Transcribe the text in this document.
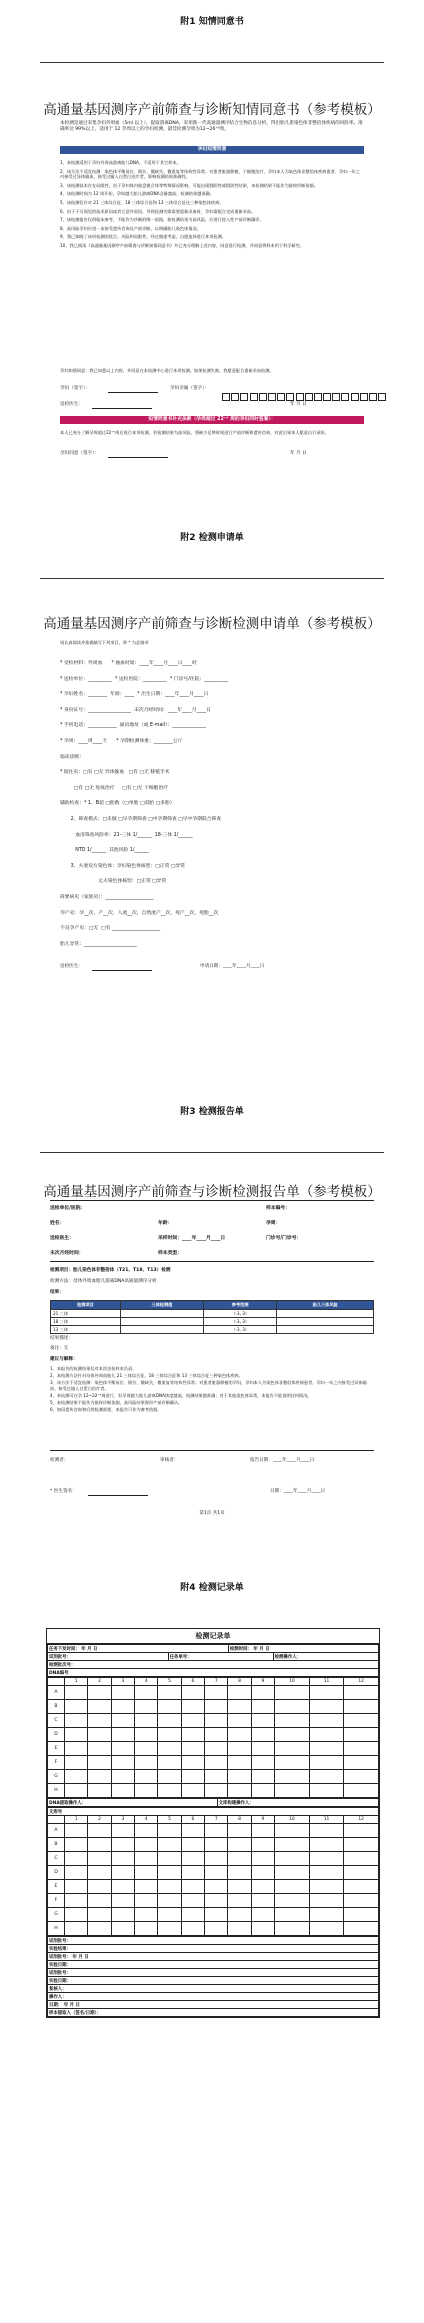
附1 知情同意书
高通量基因测序产前筛查与诊断知情同意书（参考模板）
本检测是通过采集孕妇外周血（5ml 以上），提取游离DNA，采用新一代高通量测序结合生物信息分析，得出胎儿患染色体非整倍体疾病的风险率。准确率达 99%以上，适用于 12 孕周以上的孕妇检测，最佳检测孕周为12~26⁺⁶周。
孕妇知情同意
1、本检测适用于孕妇外周血游离胎儿DNA，不适用于其它样本。
2、该方法不适宜检测：染色体平衡易位、倒位、微缺失、微重复等结构性异常；对患者脏器移植、干细胞治疗、孕妇本人为染色体非整倍体疾病患者、孕妇一年之内接受过异体输血、接受过输入白蛋白治疗者，影响检测结果准确性。
3、该检测技术存在局限性，由于孕妇体内胎盘嵌合体等特殊情况影响，可能出现假阳性或假阴性结果，本检测结果不能作为最终诊断依据。
4、该检测时间为 12 周开始，孕周越大胎儿游离DNA含量越高，检测结果越准确。
5、该检测仅针对 21 三体综合征、18 三体综合征和 13 三体综合征这三种染色体疾病。
6、由于不可预见的技术原因或其它意外原因，导致检测失败需要重新采血时，孕妇需配合完成重新采血。
7、该检测报告仅供临床参考，不能作为诊断的唯一依据，如检测结果为高风险，应进行侵入性产前诊断确诊。
8、高风险孕妇应进一步接受遗传咨询及产前诊断，以明确胎儿染色体情况。
9、我已知晓了该项检测的优点、风险和局限性，经过慎重考虑，自愿选择进行本项检测。
10、我已阅读《高通量基因测序产前筛查与诊断知情同意书》并已充分理解上述内容，同意进行检测，并同意将样本用于科学研究。
孕妇知情同意：我已知悉以上内容，并同意在本检测中心进行本项检测。如果检测失败，我愿意配合重新采血检测。
孕妇（签字）：	孕妇亲属（签字）：
送检医生：	年 月 日
知情同意书补充条款（孕周超过 22⁺⁶ 周的孕妇同时签署）：
本人已充分了解孕周超过22⁺⁶周后进行本项检测，若检测结果为高风险，将缺少足够时间进行产前诊断和遗传咨询，对此后果本人愿意自行承担。
孕妇同意（签字）：	年 月 日
附2 检测申请单
高通量基因测序产前筛查与诊断检测申请单（参考模板）
请认真阅读并准确填写下列项目，带 * 为必填项
* 受检材料：外周血      * 抽血时间：____年____月____日____时
* 送检单位：__________  * 送检医院：__________  * 门诊号/住院：__________
* 孕妇姓名：________  年龄：____  * 出生日期：____年____月____日
* 身份证号：__________________  末次月经时间：____年____月____日
* 手机电话：____________  通讯地址（或 E-mail）：______________
* 孕周：____周____天      * 孕期检测体重：________公斤
临床诊断：
* 既往史：□有 □无 异体输血   □有 □无 移植手术
□有 □无 免疫治疗     □有 □无 干细胞治疗
辅助检查：* 1、B超 □胎数（□单胎 □双胎 □多胎）
2、筛查模式：□未做 □早孕期筛查 □中孕期筛查 □早中孕期联合筛查
血清筛查风险率：21-三体 1/______  18-三体 1/______
NTD 1/______  其他风险 1/______
3、夫妻双方染色体：孕妇染色体核型：□正常 □异常
丈夫染色体核型：□正常 □异常
简要病史（家族史）：____________________
孕产史：孕__次，产__次，人流__次，自然流产__次，死产__次，死胎__次
不良孕产史：□无  □有 ____________________
胎儿异常：______________________
送检医生：	申请日期：____年____月____日
附3 检测报告单
高通量基因测序产前筛查与诊断检测报告单（参考模板）
送检单位/医院：	样本编号：
姓名：	年龄：	孕周：
送检医生：	采样时间：____年____月____日	门诊号/门诊号：
末次月经时间：	样本类型：
检测项目：胎儿染色体非整倍体（T21、T18、T13）检测
检测方法：母体外周血胎儿游离DNA高通量测序分析
结果：
检测项目	三体检测值	参考范围	胎儿三体风险
21 三体		（-3, 3）	
18 三体		（-3, 3）	
13 三体		（-3, 3）	
结果描述：
备注：无
建议与解释：
1、本报告的检测结果仅对本次送检样本负责。
2、本检测方法针对母体外周血胎儿 21 三体综合征、18 三体综合征和 13 三体综合征三种染色体疾病。
3、该方法不适宜检测：染色体平衡易位、倒位、微缺失、微重复等结构性异常；对患者脏器移植的孕妇，孕妇本人为染色体非整倍体疾病患者，孕妇一年之内接受过异体输血、接受过输入白蛋白治疗者。
4、本检测可在孕 12~22⁺⁶周进行，但孕周越大胎儿游离DNA浓度越高，检测结果越准确；对于其他染色体异常，本报告不能说明任何情况。
5、本检测结果不能作为最终诊断依据，高风险结果需经产前诊断确认。
6、如因遗传咨询和后续检测需要，本报告可作为参考依据。
检测者：	审核者：	报告日期：____年____月____日
* 医生签名：	日期：____年____月____日
第1页 共1页
附4 检测记录单
检测记录单
任务下发时间： 年 月 日		检测时间： 年 月 日	
试剂批号：	任务单号：		检测操作人：
检测批次号：			
DNA编号			
	1	2	3	4	5	6	7	8	9	10	11	12
A												
B												
C												
D												
E												
F												
G												
H												
DNA提取操作人：	文库构建操作人：
文库号												
	1	2	3	4	5	6	7	8	9	10	11	12
A												
B												
C												
D												
E												
F												
G												
H												
试剂批号：
实验结果：
试剂批号： 年 月 日
实验日期：
试剂批号：
实验日期：
复核人：
操作人：
日期： 年 月 日
样本提取人（签名/日期）：
